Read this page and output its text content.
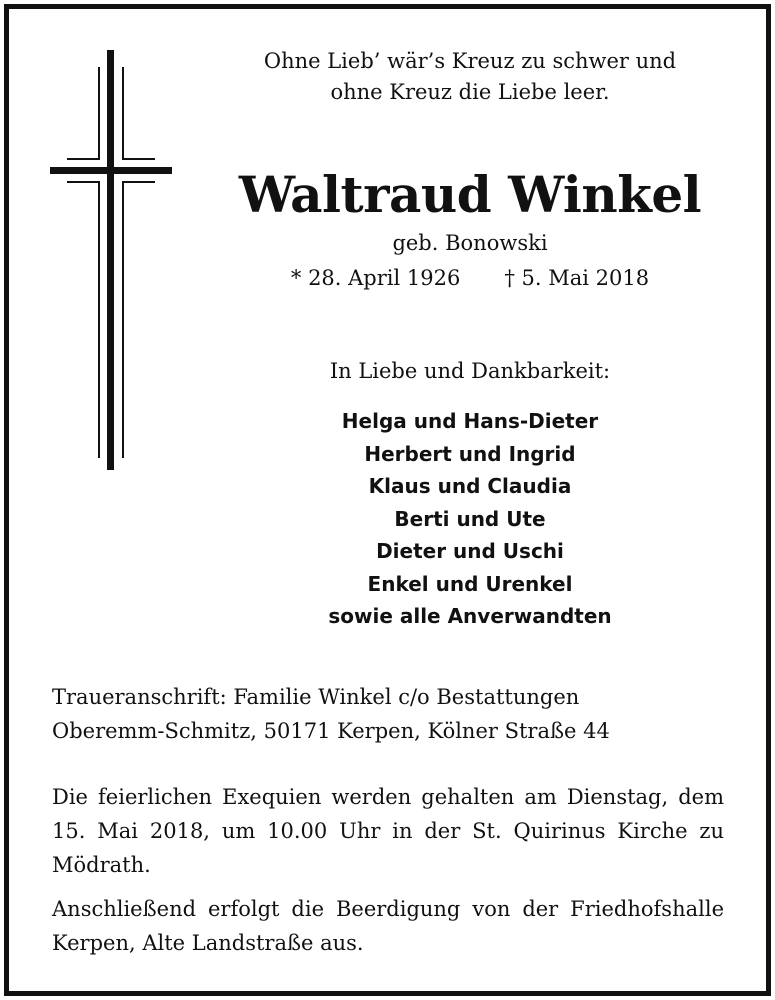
Ohne Lieb’ wär’s Kreuz zu schwer und
ohne Kreuz die Liebe leer.
Waltraud Winkel
geb. Bonowski
* 28. April 1926 † 5. Mai 2018
In Liebe und Dankbarkeit:
Helga und Hans-Dieter
Herbert und Ingrid
Klaus und Claudia
Berti und Ute
Dieter und Uschi
Enkel und Urenkel
sowie alle Anverwandten
Traueranschrift: Familie Winkel c/o Bestattungen
Oberemm-Schmitz, 50171 Kerpen, Kölner Straße 44
Die feierlichen Exequien werden gehalten am Dienstag, dem 15. Mai 2018, um 10.00 Uhr in der St. Quirinus Kirche zu Mödrath.
Anschließend erfolgt die Beerdigung von der Friedhofshalle Kerpen, Alte Landstraße aus.
